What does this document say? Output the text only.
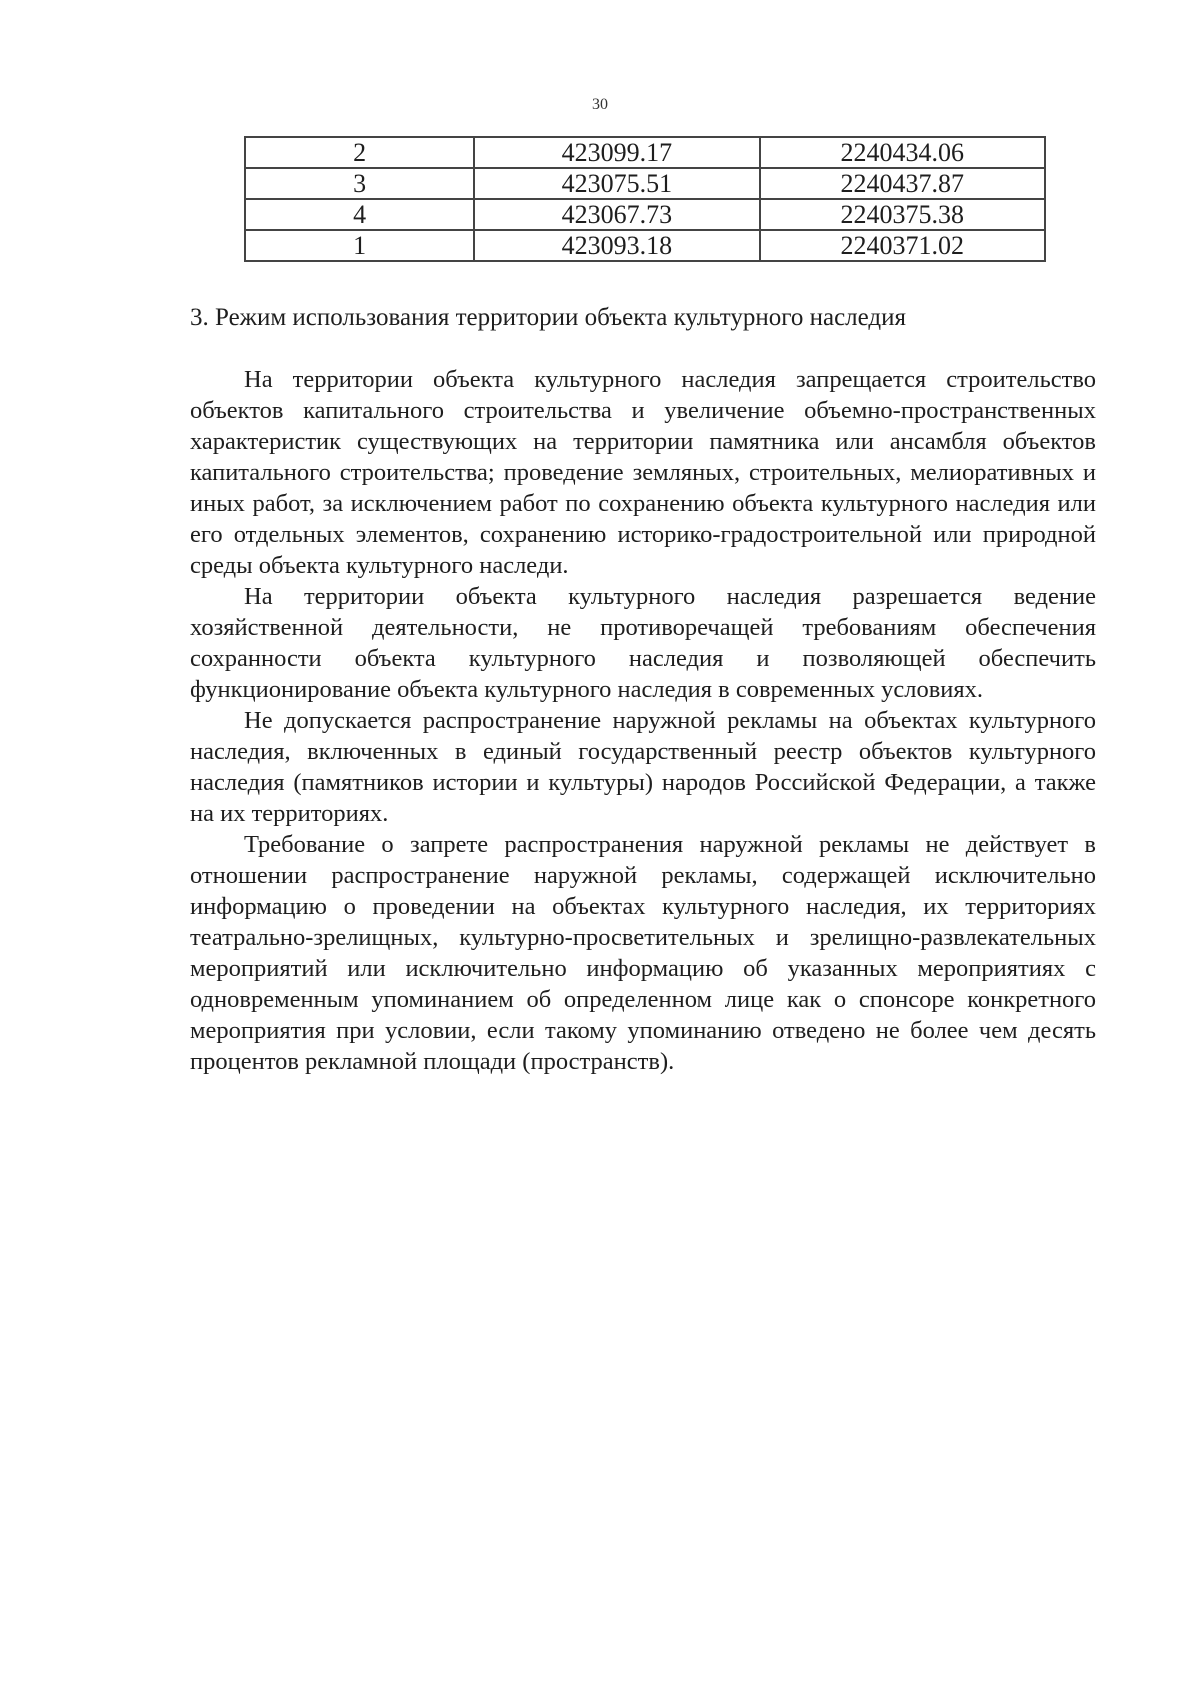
30
2	423099.17	2240434.06
3	423075.51	2240437.87
4	423067.73	2240375.38
1	423093.18	2240371.02
3. Режим использования территории объекта культурного наследия

На территории объекта культурного наследия запрещается строительство объектов капитального строительства и увеличение объемно-пространственных характеристик существующих на территории памятника или ансамбля объектов капитального строительства; проведение земляных, строительных, мелиоративных и иных работ, за исключением работ по сохранению объекта культурного наследия или его отдельных элементов, сохранению историко-градостроительной или природной среды объекта культурного наследи.

На территории объекта культурного наследия разрешается ведение хозяйственной деятельности, не противоречащей требованиям обеспечения сохранности объекта культурного наследия и позволяющей обеспечить функционирование объекта культурного наследия в современных условиях.

Не допускается распространение наружной рекламы на объектах культурного наследия, включенных в единый государственный реестр объектов культурного наследия (памятников истории и культуры) народов Российской Федерации, а также на их территориях.

Требование о запрете распространения наружной рекламы не действует в отношении распространение наружной рекламы, содержащей исключительно информацию о проведении на объектах культурного наследия, их территориях театрально-зрелищных, культурно-просветительных и зрелищно-развлекательных мероприятий или исключительно информацию об указанных мероприятиях с одновременным упоминанием об определенном лице как о спонсоре конкретного мероприятия при условии, если такому упоминанию отведено не более чем десять процентов рекламной площади (пространств).
